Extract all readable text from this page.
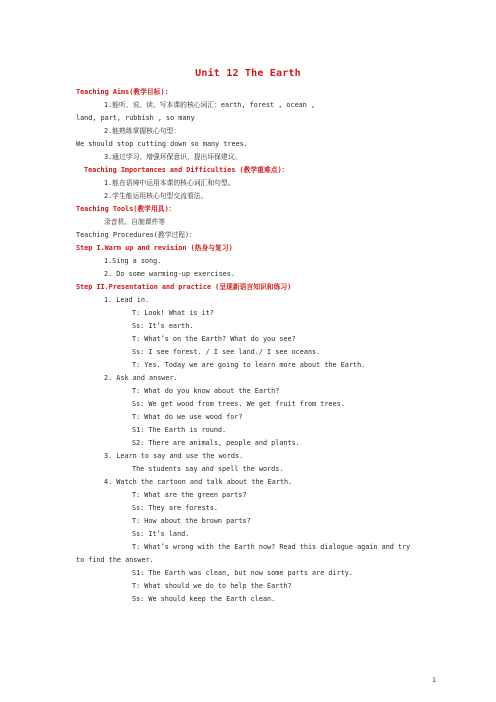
Unit 12 The Earth
Teaching Aims(教学目标):
1.能听、说、读、写本课的核心词汇：earth, forest , ocean ,
land, part, rubbish , so many
2.能熟练掌握核心句型：
We should stop cutting down so many trees.
3.通过学习、增强环保意识，提出环保建议。
Teaching Importances and Difficulties (教学重难点)：
1.能在语境中运用本课的核心词汇和句型。
2.学生能运用核心句型交流看法。
Teaching Tools(教学用具)：
录音机、自制课件等
Teaching Procedures(教学过程)：
Step I.Warm up and revision (热身与复习)
1.Sing a song.
2. Do some warming-up exercises.
Step II.Presentation and practice (呈现新语言知识和练习)
1. Lead in.
T: Look! What is it?
Ss: It’s earth.
T: What’s on the Earth? What do you see?
Ss: I see forest. / I see land./ I see oceans.
T: Yes. Today we are going to learn more about the Earth.
2. Ask and answer.
T: What do you know about the Earth?
Ss: We get wood from trees. We get fruit from trees.
T: What do we use wood for?
S1: The Earth is round.
S2: There are animals, people and plants.
3. Learn to say and use the words.
The students say and spell the words.
4. Watch the cartoon and talk about the Earth.
T: What are the green parts?
Ss: They are forests.
T: How about the brown parts?
Ss: It’s land.
T: What’s wrong with the Earth now? Read this dialogue again and try
to find the answer.
S1: The Earth was clean, but now some parts are dirty.
T: What should we do to help the Earth?
Ss: We should keep the Earth clean.
1
